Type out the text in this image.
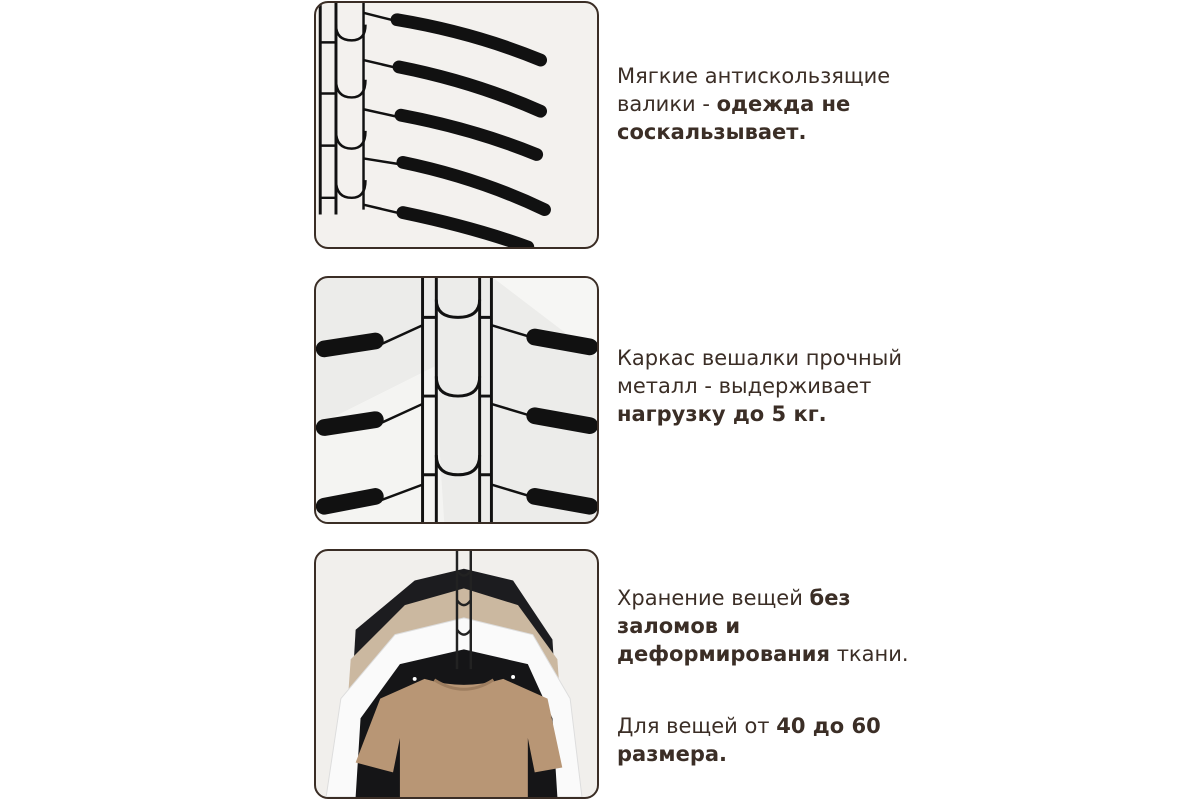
Мягкие антискользящие валики - одежда не соскальзывает.
Каркас вешалки прочный металл - выдерживает нагрузку до 5 кг.
Хранение вещей без заломов и деформирования ткани.
Для вещей от 40 до 60 размера.
